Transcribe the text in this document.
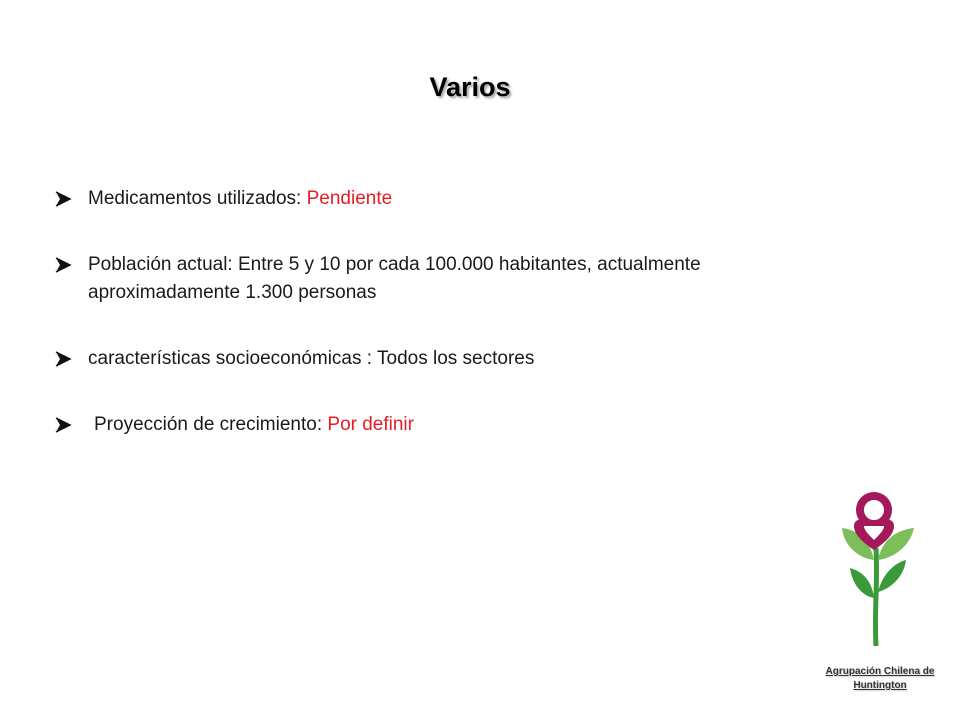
Varios
Medicamentos utilizados: Pendiente
Población actual: Entre 5 y 10 por cada 100.000 habitantes, actualmente aproximadamente 1.300 personas
características socioeconómicas : Todos los sectores
Proyección de crecimiento: Por definir
Agrupación Chilena de
Huntington
